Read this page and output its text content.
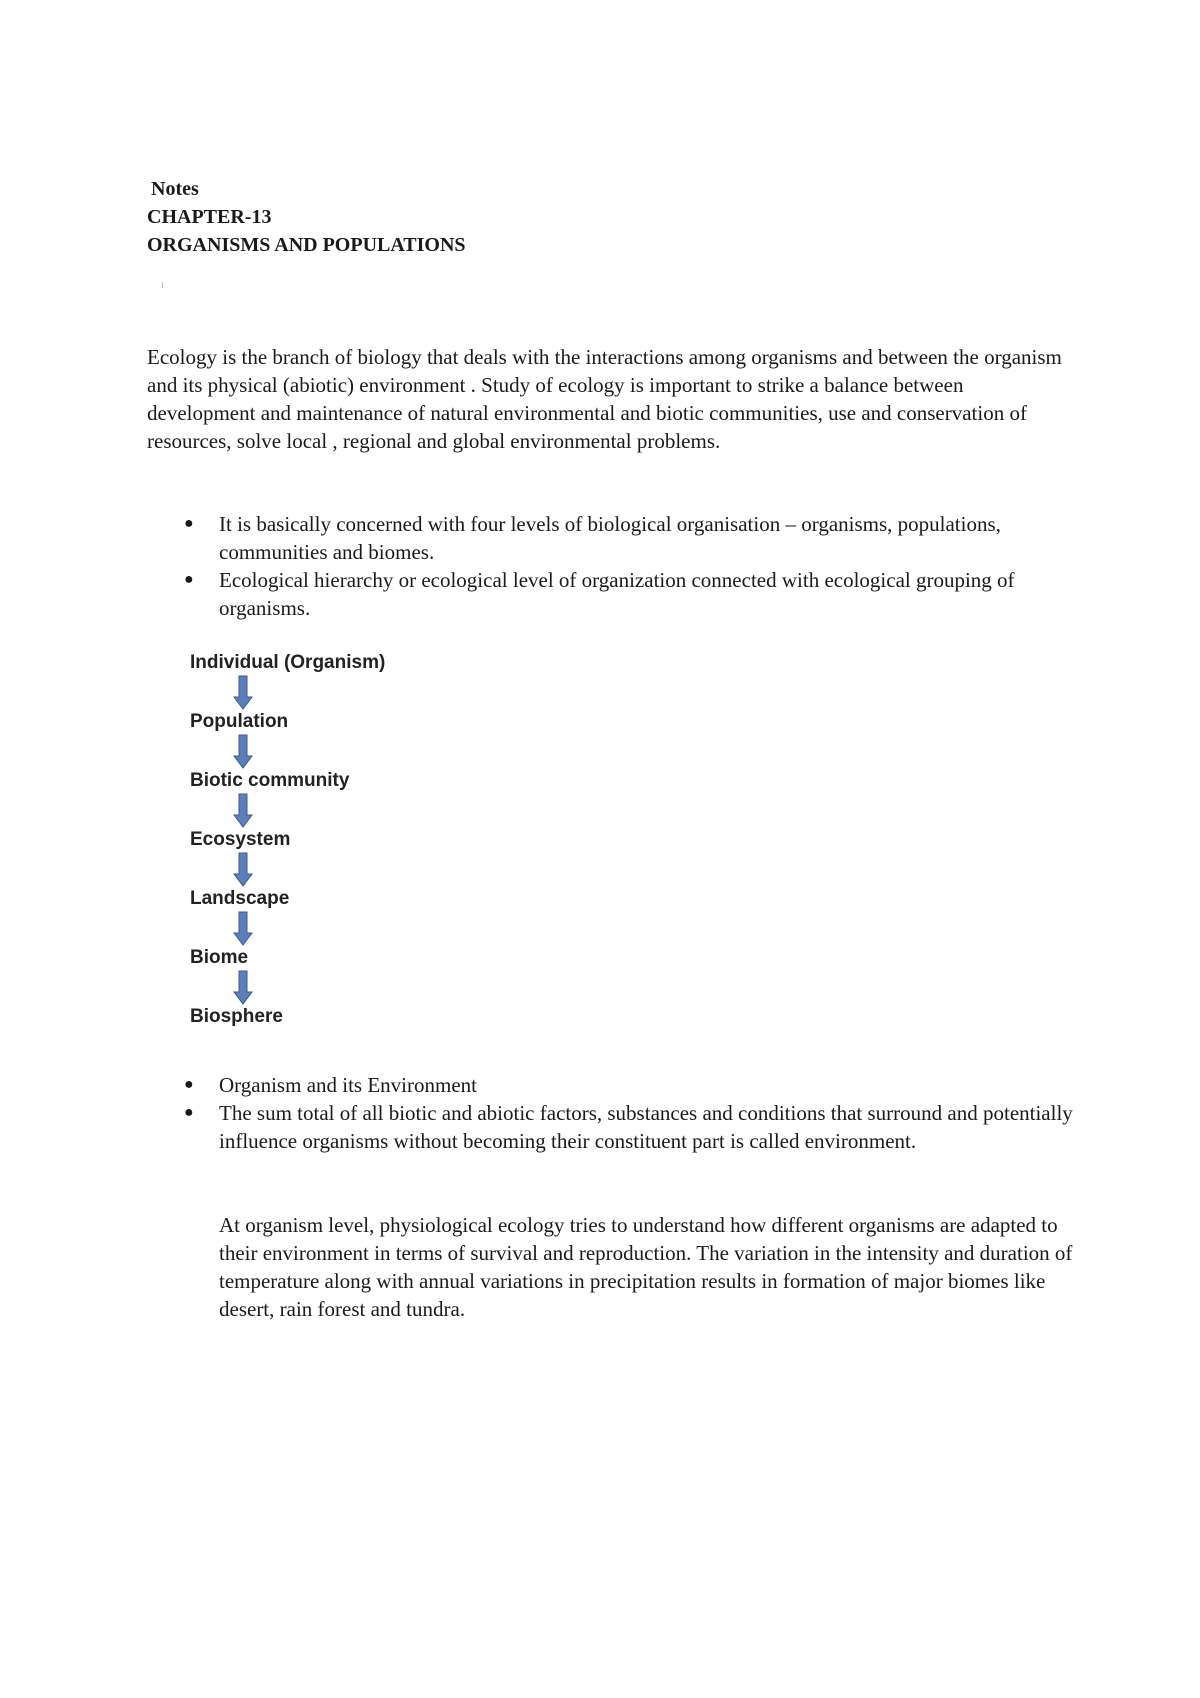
Notes
CHAPTER-13
ORGANISMS AND POPULATIONS
Ecology is the branch of biology that deals with the interactions among organisms and between the organism and its physical (abiotic) environment . Study of ecology is important to strike a balance between development and maintenance of natural environmental and biotic communities, use and conservation of resources, solve local , regional and global environmental problems.
● It is basically concerned with four levels of biological organisation – organisms, populations, communities and biomes.
● Ecological hierarchy or ecological level of organization connected with ecological grouping of organisms.
Individual (Organism)
Population
Biotic community
Ecosystem
Landscape
Biome
Biosphere
● Organism and its Environment
● The sum total of all biotic and abiotic factors, substances and conditions that surround and potentially influence organisms without becoming their constituent part is called environment.
At organism level, physiological ecology tries to understand how different organisms are adapted to their environment in terms of survival and reproduction. The variation in the intensity and duration of temperature along with annual variations in precipitation results in formation of major biomes like desert, rain forest and tundra.
